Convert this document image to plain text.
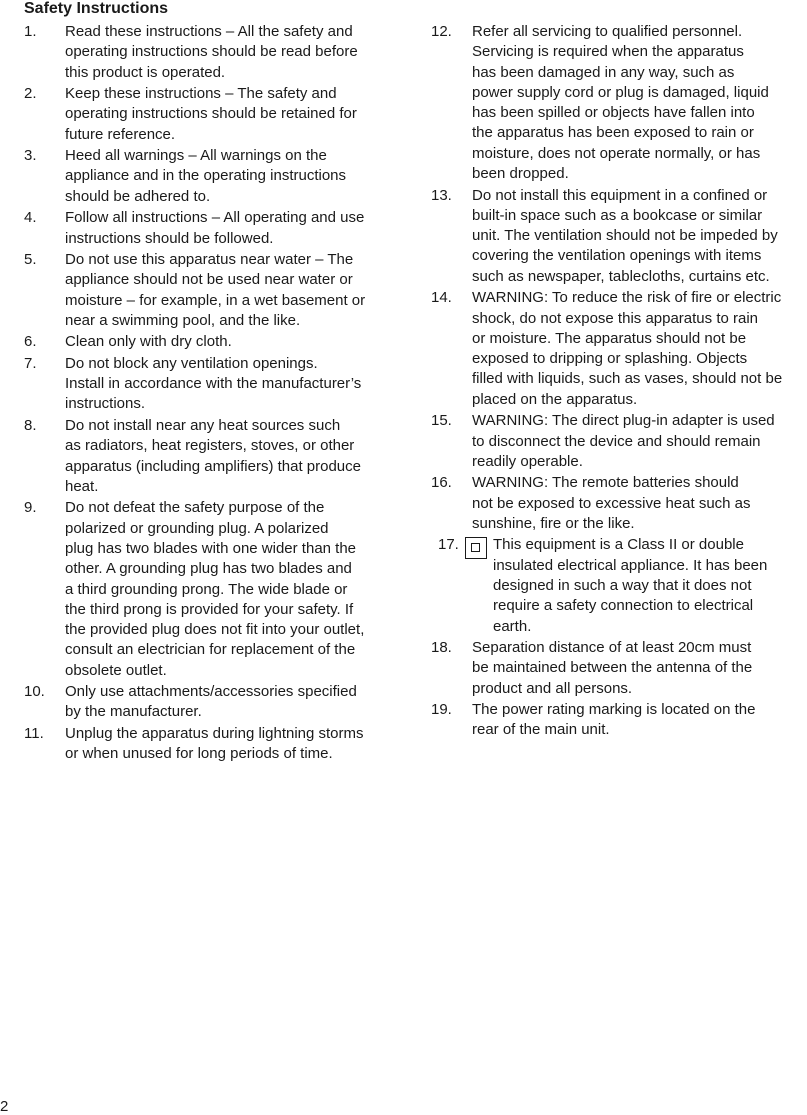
Safety Instructions
1.	Read these instructions – All the safety and
operating instructions should be read before
this product is operated.
2.	Keep these instructions – The safety and
operating instructions should be retained for
future reference.
3.	Heed all warnings – All warnings on the
appliance and in the operating instructions
should be adhered to.
4.	Follow all instructions – All operating and use
instructions should be followed.
5.	Do not use this apparatus near water – The
appliance should not be used near water or
moisture – for example, in a wet basement or
near a swimming pool, and the like.
6.	Clean only with dry cloth.
7.	Do not block any ventilation openings.
Install in accordance with the manufacturer’s
instructions.
8.	Do not install near any heat sources such
as radiators, heat registers, stoves, or other
apparatus (including amplifiers) that produce
heat.
9.	Do not defeat the safety purpose of the
polarized or grounding plug. A polarized
plug has two blades with one wider than the
other. A grounding plug has two blades and
a third grounding prong. The wide blade or
the third prong is provided for your safety. If
the provided plug does not fit into your outlet,
consult an electrician for replacement of the
obsolete outlet.
10.	Only use attachments/accessories specified
by the manufacturer.
11.	Unplug the apparatus during lightning storms
or when unused for long periods of time.
12.	Refer all servicing to qualified personnel.
Servicing is required when the apparatus
has been damaged in any way, such as
power supply cord or plug is damaged, liquid
has been spilled or objects have fallen into
the apparatus has been exposed to rain or
moisture, does not operate normally, or has
been dropped.
13.	Do not install this equipment in a confined or
built-in space such as a bookcase or similar
unit. The ventilation should not be impeded by
covering the ventilation openings with items
such as newspaper, tablecloths, curtains etc.
14.	WARNING: To reduce the risk of fire or electric
shock, do not expose this apparatus to rain
or moisture. The apparatus should not be
exposed to dripping or splashing. Objects
filled with liquids, such as vases, should not be
placed on the apparatus.
15.	WARNING: The direct plug-in adapter is used
to disconnect the device and should remain
readily operable.
16.	WARNING: The remote batteries should
not be exposed to excessive heat such as
sunshine, fire or the like.
17. This equipment is a Class II or double
insulated electrical appliance. It has been
designed in such a way that it does not
require a safety connection to electrical
earth.
18.	Separation distance of at least 20cm must
be maintained between the antenna of the
product and all persons.
19.	The power rating marking is located on the
rear of the main unit.
2
